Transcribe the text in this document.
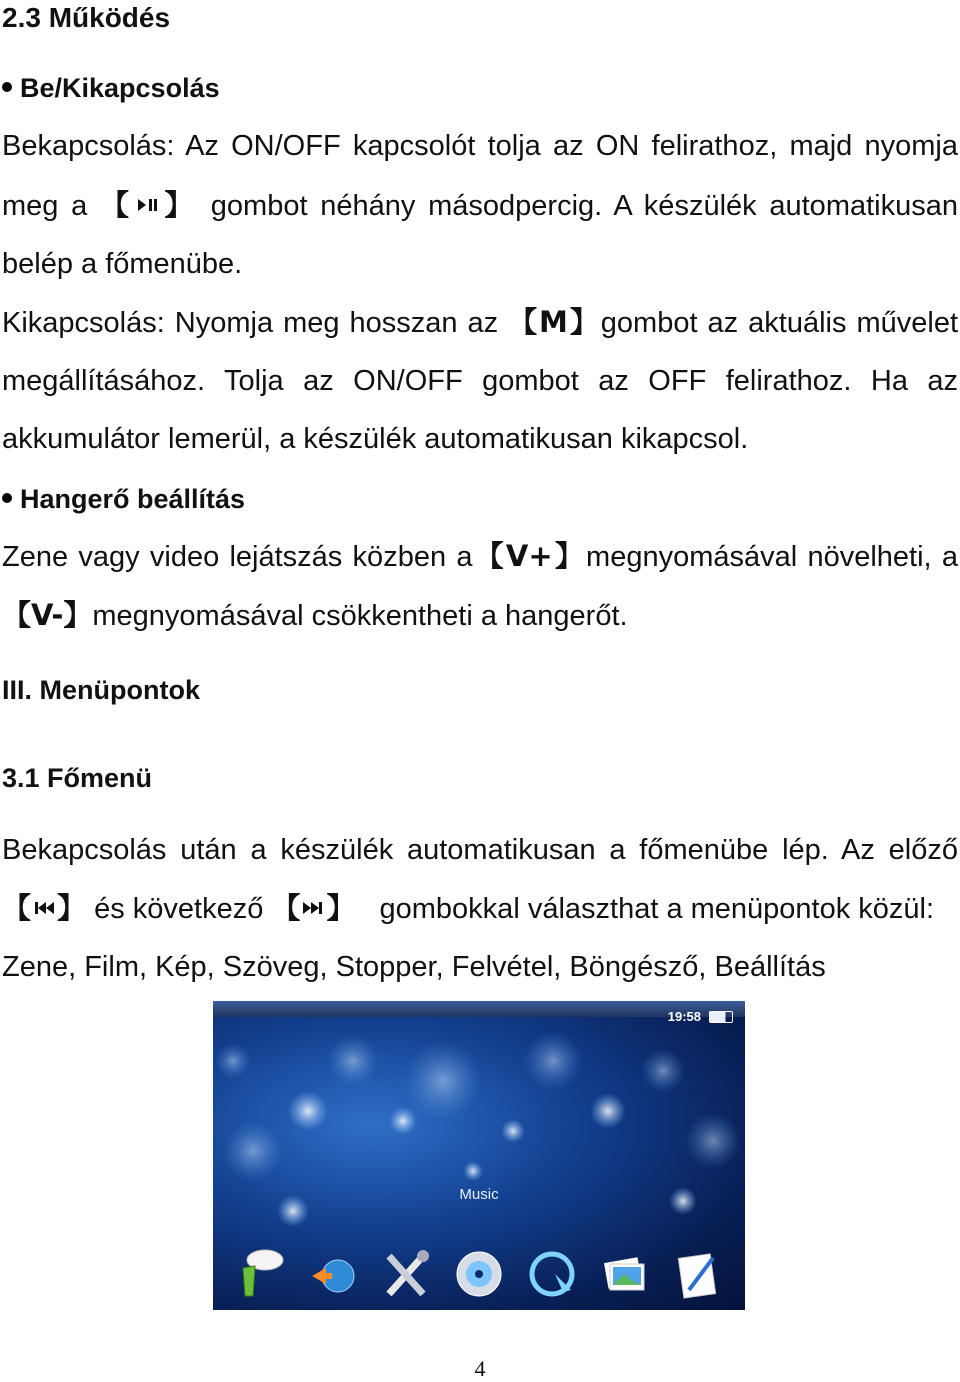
2.3 Működés
Be/Kikapcsolás
Bekapcsolás: Az ON/OFF kapcsolót tolja az ON felirathoz, majd nyomja
meg a 【 】 gombot néhány másodpercig. A készülék automatikusan
belép a főmenübe.
Kikapcsolás: Nyomja meg hosszan az 【M】gombot az aktuális művelet
megállításához. Tolja az ON/OFF gombot az OFF felirathoz. Ha az
akkumulátor lemerül, a készülék automatikusan kikapcsol.
Hangerő beállítás
Zene vagy video lejátszás közben a【V+】megnyomásával növelheti, a
【V-】megnyomásával csökkentheti a hangerőt.
III. Menüpontok
3.1 Főmenü
Bekapcsolás után a készülék automatikusan a főmenübe lép. Az előző
【 】 és következő 【 】 gombokkal választhat a menüpontok közül:
Zene, Film, Kép, Szöveg, Stopper, Felvétel, Böngésző, Beállítás
19:58
Music
4
